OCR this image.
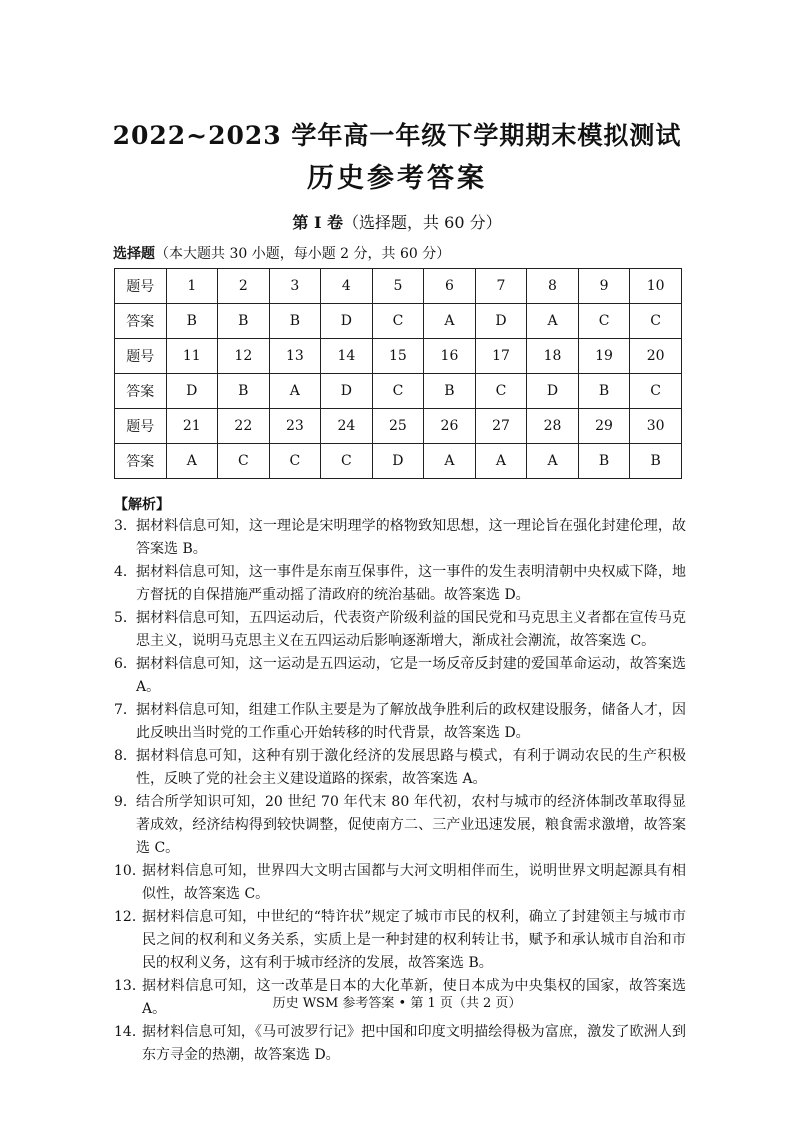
2022~2023 学年高一年级下学期期末模拟测试
历史参考答案
第 I 卷（选择题，共 60 分）
选择题（本大题共 30 小题，每小题 2 分，共 60 分）
题号	1	2	3	4	5	6	7	8	9	10
答案	B	B	B	D	C	A	D	A	C	C
题号	11	12	13	14	15	16	17	18	19	20
答案	D	B	A	D	C	B	C	D	B	C
题号	21	22	23	24	25	26	27	28	29	30
答案	A	C	C	C	D	A	A	A	B	B
【解析】
3． 据材料信息可知，这一理论是宋明理学的格物致知思想，这一理论旨在强化封建伦理，故答案选 B。
4． 据材料信息可知，这一事件是东南互保事件，这一事件的发生表明清朝中央权威下降，地方督抚的自保措施严重动摇了清政府的统治基础。故答案选 D。
5． 据材料信息可知，五四运动后，代表资产阶级利益的国民党和马克思主义者都在宣传马克思主义，说明马克思主义在五四运动后影响逐渐增大，渐成社会潮流，故答案选 C。
6． 据材料信息可知，这一运动是五四运动，它是一场反帝反封建的爱国革命运动，故答案选 A。
7． 据材料信息可知，组建工作队主要是为了解放战争胜利后的政权建设服务，储备人才，因此反映出当时党的工作重心开始转移的时代背景，故答案选 D。
8． 据材料信息可知，这种有别于激化经济的发展思路与模式，有利于调动农民的生产积极性，反映了党的社会主义建设道路的探索，故答案选 A。
9． 结合所学知识可知，20 世纪 70 年代末 80 年代初，农村与城市的经济体制改革取得显著成效，经济结构得到较快调整，促使南方二、三产业迅速发展，粮食需求激增，故答案选 C。
10．
据材料信息可知，世界四大文明古国都与大河文明相伴而生，说明世界文明起源具有相似性，故答案选 C。
12．
据材料信息可知，中世纪的“特许状”规定了城市市民的权利，确立了封建领主与城市市民之间的权利和义务关系，实质上是一种封建的权利转让书，赋予和承认城市自治和市民的权利义务，这有利于城市经济的发展，故答案选 B。
13．
据材料信息可知，这一改革是日本的大化革新，使日本成为中央集权的国家，故答案选 A。
14．
据材料信息可知，《马可波罗行记》把中国和印度文明描绘得极为富庶，激发了欧洲人到东方寻金的热潮，故答案选 D。
历史 WSM 参考答案 • 第 1 页（共 2 页）
